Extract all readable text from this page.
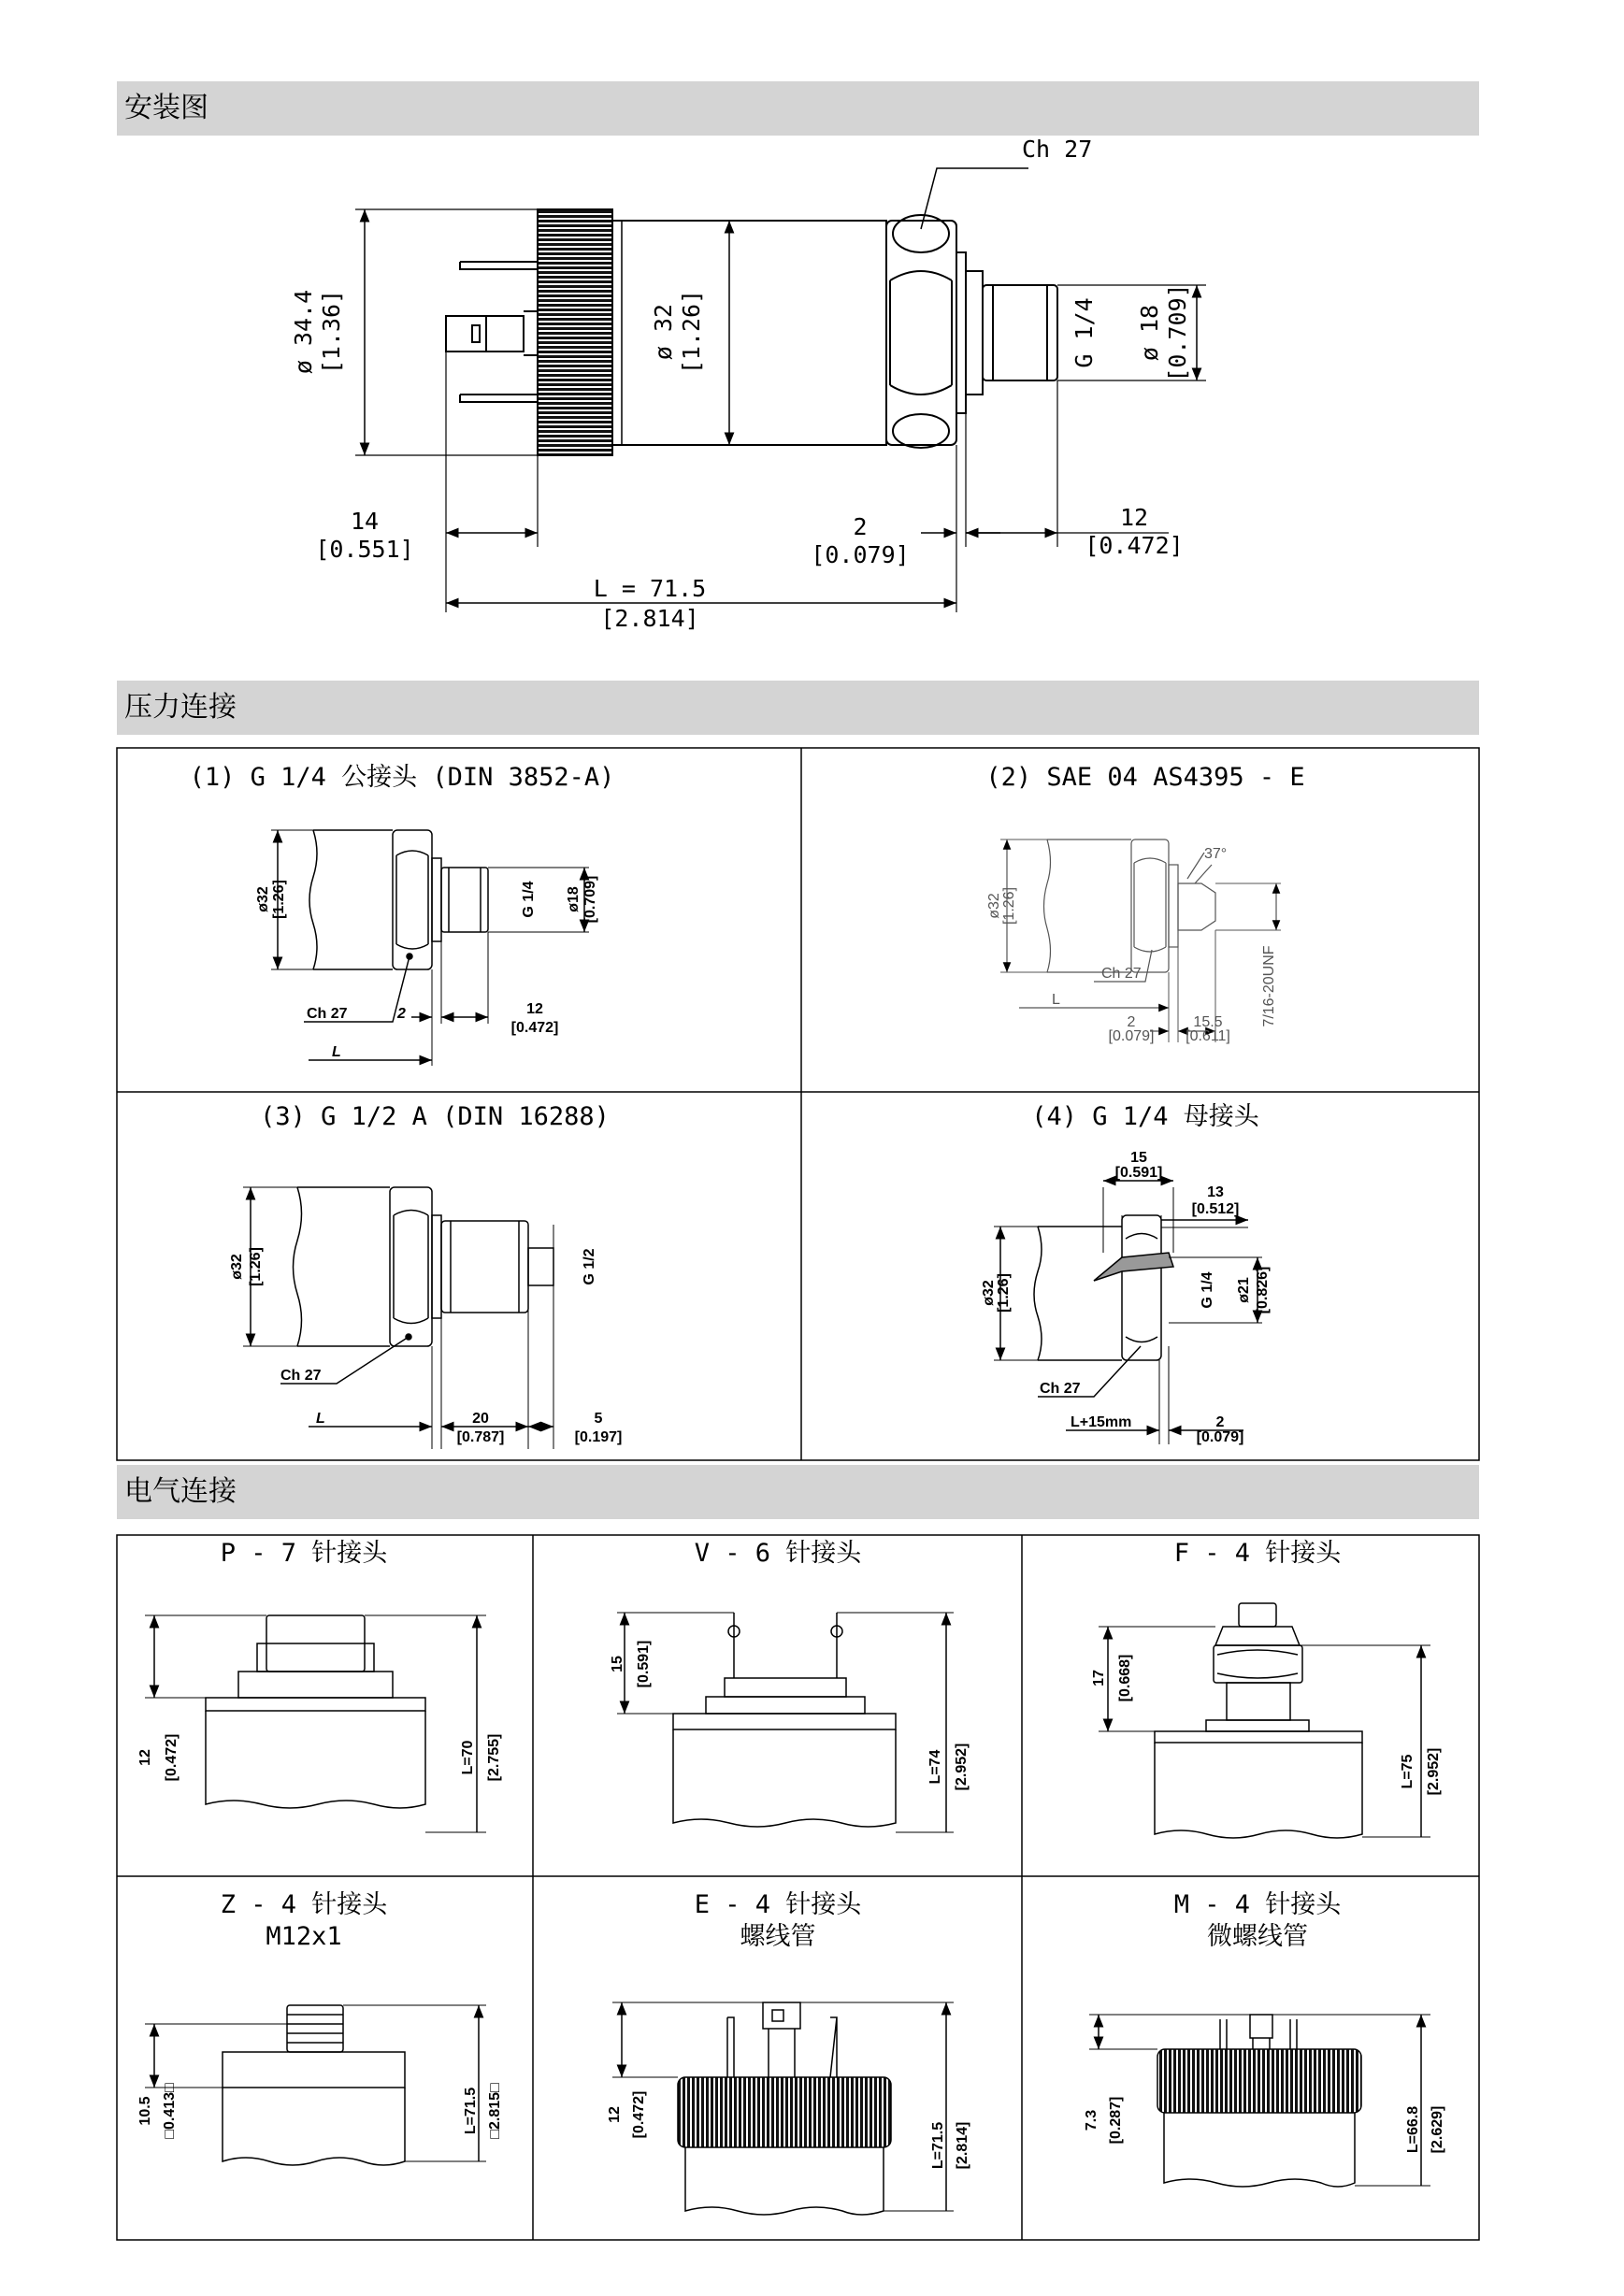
安装图
压力连接
电气连接
Ch 27
ø 34.4 [1.36]	ø 32 [1.26]	G 1/4 ø 18 [0.709]
14
[0.551]
2
[0.079]
12
[0.472]
L = 71.5
[2.814]
(1) G 1/4 公接头 (DIN 3852-A)
ø32 [1.26]	G 1/4 ø18 [0.709]
Ch 27	2	12
[0.472]
L
(2) SAE 04 AS4395 - E
ø32 [1.26]
37°
7/16-20UNF
Ch 27
L
2
[0.079]
15.5
[0.611]
(3) G 1/2 A (DIN 16288)
ø32 [1.26]	G 1/2
Ch 27
L	20
[0.787]
5
[0.197]
(4) G 1/4 母接头
ø32 [1.26]
15
[0.591]
13
[0.512]
G 1/4 ø21 [0.826]
Ch 27
L+15mm	2
[0.079]
P - 7 针接头
12 [0.472]	L=70 [2.755]
V - 6 针接头
15 [0.591]
L=74 [2.952]
F - 4 针接头
17 [0.668]
L=75 [2.952]
Z - 4 针接头
M12x1
10.5 □0.413□	L=71.5 □2.815□
E - 4 针接头
螺线管
12 [0.472]
L=71.5 [2.814]
M - 4 针接头
微螺线管
7.3 [0.287]	L=66.8 [2.629]
